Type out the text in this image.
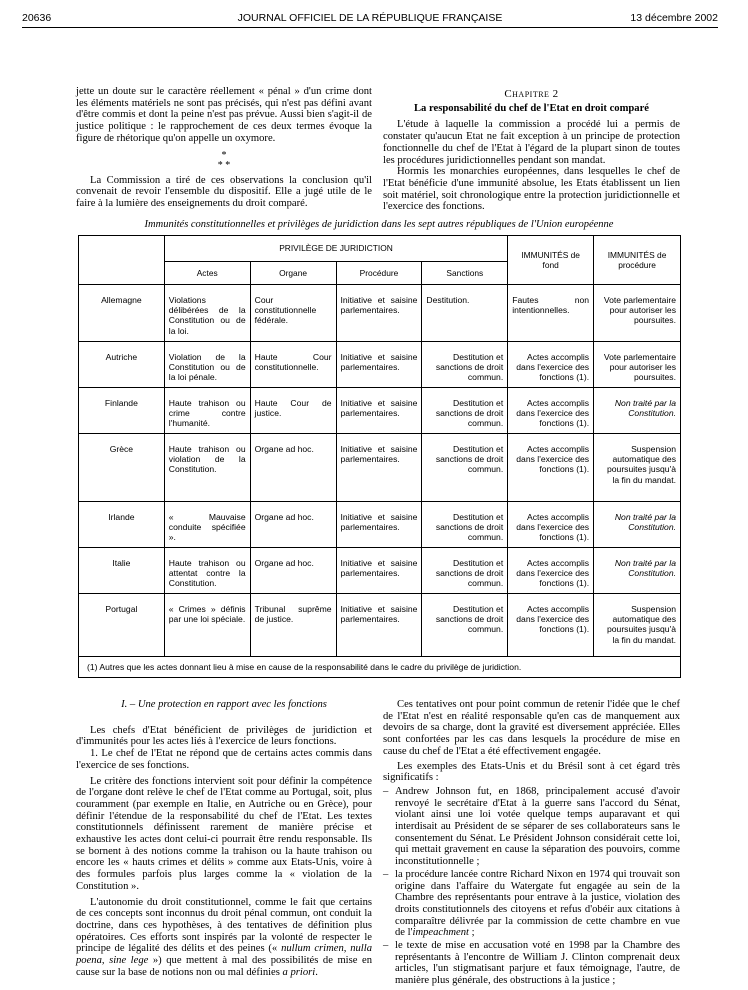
20636	JOURNAL OFFICIEL DE LA RÉPUBLIQUE FRANÇAISE	13 décembre 2002

jette un doute sur le caractère réellement « pénal » d'un crime dont les éléments matériels ne sont pas précisés, qui n'est pas défini avant d'être commis et dont la peine n'est pas prévue. Aussi bien s'agit-il de justice politique : le rapprochement de ces deux termes évoque la figure de rhétorique qu'on appelle un oxymore.

*
* *

La Commission a tiré de ces observations la conclusion qu'il convenait de revoir l'ensemble du dispositif. Elle a jugé utile de le faire à la lumière des enseignements du droit comparé.

Chapitre 2
La responsabilité du chef de l'Etat en droit comparé

L'étude à laquelle la commission a procédé lui a permis de constater qu'aucun Etat ne fait exception à un principe de protection fonctionnelle du chef de l'Etat à l'égard de la plupart sinon de toutes les procédures juridictionnelles pendant son mandat.

Hormis les monarchies européennes, dans lesquelles le chef de l'Etat bénéficie d'une immunité absolue, les Etats établissent un lien soit matériel, soit chronologique entre la protection juridictionnelle et l'exercice des fonctions.

Immunités constitutionnelles et privilèges de juridiction dans les sept autres républiques de l'Union européenne
	PRIVILÈGE DE JURIDICTION				IMMUNITÉS de fond	IMMUNITÉS de procédure
	Actes	Organe	Procédure	Sanctions		
Allemagne	Violations délibérées de la Constitution ou de la loi.	Cour constitutionnelle fédérale.	Initiative et saisine parlementaires.	Destitution.	Fautes non intentionnelles.	Vote parlementaire pour autoriser les poursuites.
Autriche	Violation de la Constitution ou de la loi pénale.	Haute Cour constitutionnelle.	Initiative et saisine parlementaires.	Destitution et sanctions de droit commun.	Actes accomplis dans l'exercice des fonctions (1).	Vote parlementaire pour autoriser les poursuites.
Finlande	Haute trahison ou crime contre l'humanité.	Haute Cour de justice.	Initiative et saisine parlementaires.	Destitution et sanctions de droit commun.	Actes accomplis dans l'exercice des fonctions (1).	Non traité par la Constitution.
Grèce	Haute trahison ou violation de la Constitution.	Organe ad hoc.	Initiative et saisine parlementaires.	Destitution et sanctions de droit commun.	Actes accomplis dans l'exercice des fonctions (1).	Suspension automatique des poursuites jusqu'à la fin du mandat.
Irlande	« Mauvaise conduite spécifiée ».	Organe ad hoc.	Initiative et saisine parlementaires.	Destitution et sanctions de droit commun.	Actes accomplis dans l'exercice des fonctions (1).	Non traité par la Constitution.
Italie	Haute trahison ou attentat contre la Constitution.	Organe ad hoc.	Initiative et saisine parlementaires.	Destitution et sanctions de droit commun.	Actes accomplis dans l'exercice des fonctions (1).	Non traité par la Constitution.
Portugal	« Crimes » définis par une loi spéciale.	Tribunal suprême de justice.	Initiative et saisine parlementaires.	Destitution et sanctions de droit commun.	Actes accomplis dans l'exercice des fonctions (1).	Suspension automatique des poursuites jusqu'à la fin du mandat.
(1) Autres que les actes donnant lieu à mise en cause de la responsabilité dans le cadre du privilège de juridiction.						
I. – Une protection en rapport avec les fonctions

Les chefs d'Etat bénéficient de privilèges de juridiction et d'immunités pour les actes liés à l'exercice de leurs fonctions.

1. Le chef de l'Etat ne répond que de certains actes commis dans l'exercice de ses fonctions.

Le critère des fonctions intervient soit pour définir la compétence de l'organe dont relève le chef de l'Etat comme au Portugal, soit, plus couramment (par exemple en Italie, en Autriche ou en Grèce), pour définir l'étendue de la responsabilité du chef de l'Etat. Les textes constitutionnels définissent rarement de manière précise et exhaustive les actes dont celui-ci pourrait être rendu responsable. Ils se bornent à des notions comme la trahison ou la haute trahison ou encore les « hauts crimes et délits » comme aux Etats-Unis, voire à des formules parfois plus larges comme la « violation de la Constitution ».

L'autonomie du droit constitutionnel, comme le fait que certains de ces concepts sont inconnus du droit pénal commun, ont conduit la doctrine, dans ces hypothèses, à des tentatives de définition plus opératoires. Ces efforts sont inspirés par la volonté de respecter le principe de légalité des délits et des peines (« nullum crimen, nulla poena, sine lege ») que mettent à mal des possibilités de mise en cause sur la base de notions non ou mal définies a priori.

Ces tentatives ont pour point commun de retenir l'idée que le chef de l'Etat n'est en réalité responsable qu'en cas de manquement aux devoirs de sa charge, dont la gravité est diversement appréciée. Elles sont confortées par les cas dans lesquels la procédure de mise en cause du chef de l'Etat a été effectivement engagée.

Les exemples des Etats-Unis et du Brésil sont à cet égard très significatifs :

– Andrew Johnson fut, en 1868, principalement accusé d'avoir renvoyé le secrétaire d'Etat à la guerre sans l'accord du Sénat, violant ainsi une loi votée quelque temps auparavant et qui interdisait au Président de se séparer de ses collaborateurs sans le consentement du Sénat. Le Président Johnson considérait cette loi, qui mettait gravement en cause la séparation des pouvoirs, comme inconstitutionnelle ;
– la procédure lancée contre Richard Nixon en 1974 qui trouvait son origine dans l'affaire du Watergate fut engagée au sein de la Chambre des représentants pour entrave à la justice, violation des droits constitutionnels des citoyens et refus d'obéir aux citations à comparaître délivrée par la commission de cette chambre en vue de l'impeachment ;
– le texte de mise en accusation voté en 1998 par la Chambre des représentants à l'encontre de William J. Clinton comprenait deux articles, l'un stigmatisant parjure et faux témoignage, l'autre, de manière plus générale, des obstructions à la justice ;
